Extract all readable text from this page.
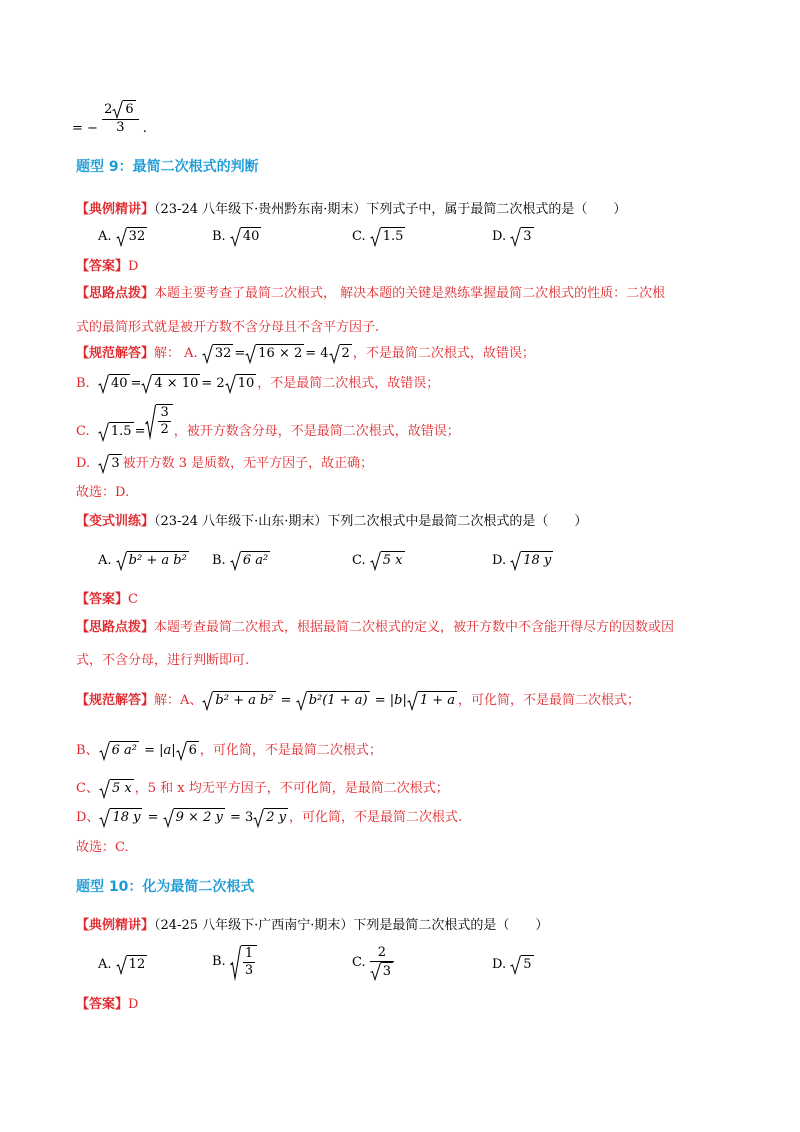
= − $\frac{2 6}{3}$ .
题型 9：最简二次根式的判断
【典例精讲】（23-24 八年级下·贵州黔东南·期末）下列式子中，属于最简二次根式的是（　　）
A. 32	B. 40	C. 1.5	D. 3
【答案】D
【思路点拨】本题主要考查了最简二次根式， 解决本题的关键是熟练掌握最简二次根式的性质：二次根
式的最简形式就是被开方数不含分母且不含平方因子.
【规范解答】解： A. 32 = 16 × 2 = 4 2 ，不是最简二次根式，故错误；
B. 40 = 4 × 10 = 2 10 ，不是最简二次根式，故错误；
C. $1.5 = \frac{3}{2}$ ，被开方数含分母，不是最简二次根式，故错误；
D. 3 被开方数 3 是质数，无平方因子，故正确；
故选：D.
【变式训练】（23-24 八年级下·山东·期末）下列二次根式中是最简二次根式的是（　　）
A. b² + a b² B. 6 a²	C. 5 x	D. 18 y
【答案】C
【思路点拨】本题考查最简二次根式，根据最简二次根式的定义，被开方数中不含能开得尽方的因数或因
式，不含分母，进行判断即可.
【规范解答】解：A、 b² + a b² = b²(1 + a) = |b| 1 + a ，可化简，不是最简二次根式；
B、 6 a² = |a| 6 ，可化简，不是最简二次根式；
C、 5 x ，5 和 x 均无平方因子，不可化简，是最简二次根式；
D、 18 y = 9 × 2 y = 3 2 y ，可化简，不是最简二次根式.
故选：C.
题型 10：化为最简二次根式
【典例精讲】（24-25 八年级下·广西南宁·期末）下列是最简二次根式的是（　　）
A. 12	B. $\frac{1}{3}$	C. $\frac{2}{3}$	D. 5
【答案】D
